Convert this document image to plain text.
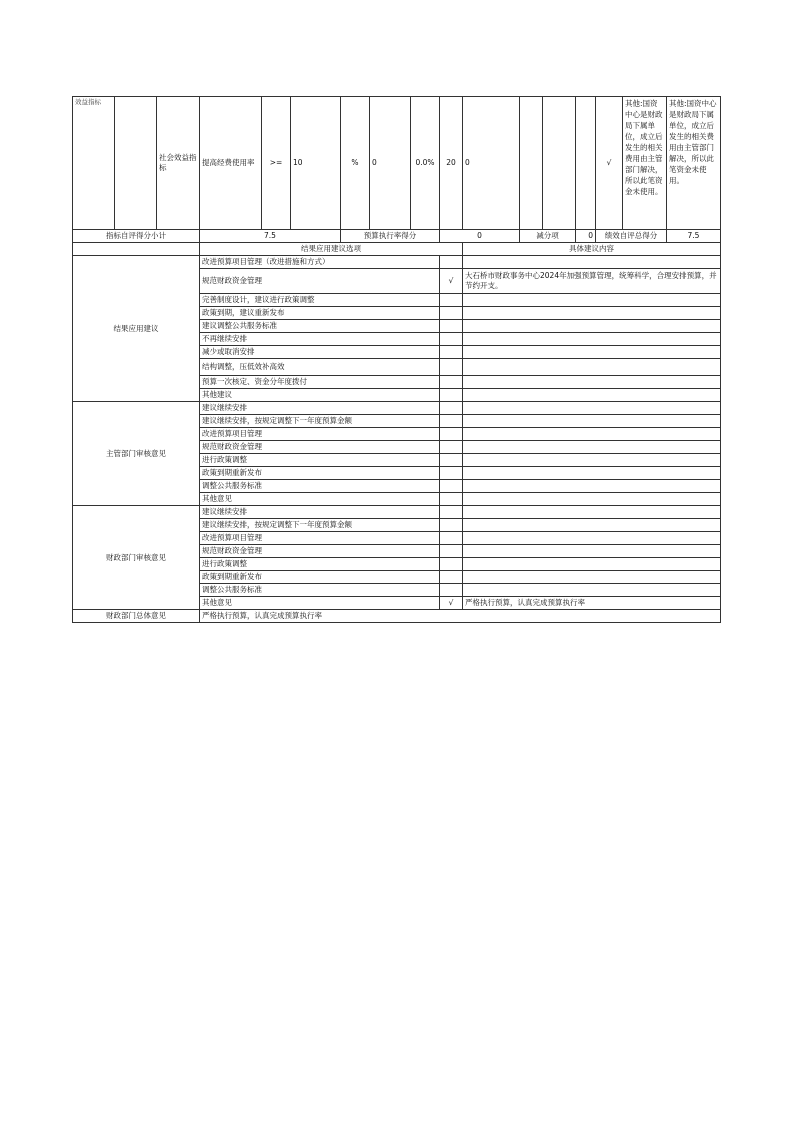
效益指标		社会效益指标	提高经费使用率	>=	10	%	0	0.0%	20	0				√	其他:国资中心是财政局下属单位，成立后发生的相关费用由主管部门解决，所以此笔资金未使用。	其他:国资中心是财政局下属单位，成立后发生的相关费用由主管部门解决，所以此笔资金未使用。
指标自评得分小计			7.5			预算执行率得分			0		减分项		0	绩效自评总得分		7.5
			结果应用建议选项							具体建议内容						
结果应用建议			改进预算项目管理（改进措施和方式）													
			规范财政资金管理						√	大石桥市财政事务中心2024年加强预算管理，统筹科学，合理安排预算，并节约开支。						
			完善制度设计，建议进行政策调整													
			政策到期，建议重新发布													
			建议调整公共服务标准													
			不再继续安排													
			减少或取消安排													
			结构调整，压低效补高效													
			预算一次核定、资金分年度拨付													
			其他建议													
主管部门审核意见			建议继续安排													
			建议继续安排，按规定调整下一年度预算金额													
			改进预算项目管理													
			规范财政资金管理													
			进行政策调整													
			政策到期重新发布													
			调整公共服务标准													
			其他意见													
财政部门审核意见			建议继续安排													
			建议继续安排，按规定调整下一年度预算金额													
			改进预算项目管理													
			规范财政资金管理													
			进行政策调整													
			政策到期重新发布													
			调整公共服务标准													
			其他意见						√	严格执行预算，认真完成预算执行率						
财政部门总体意见			严格执行预算，认真完成预算执行率													
